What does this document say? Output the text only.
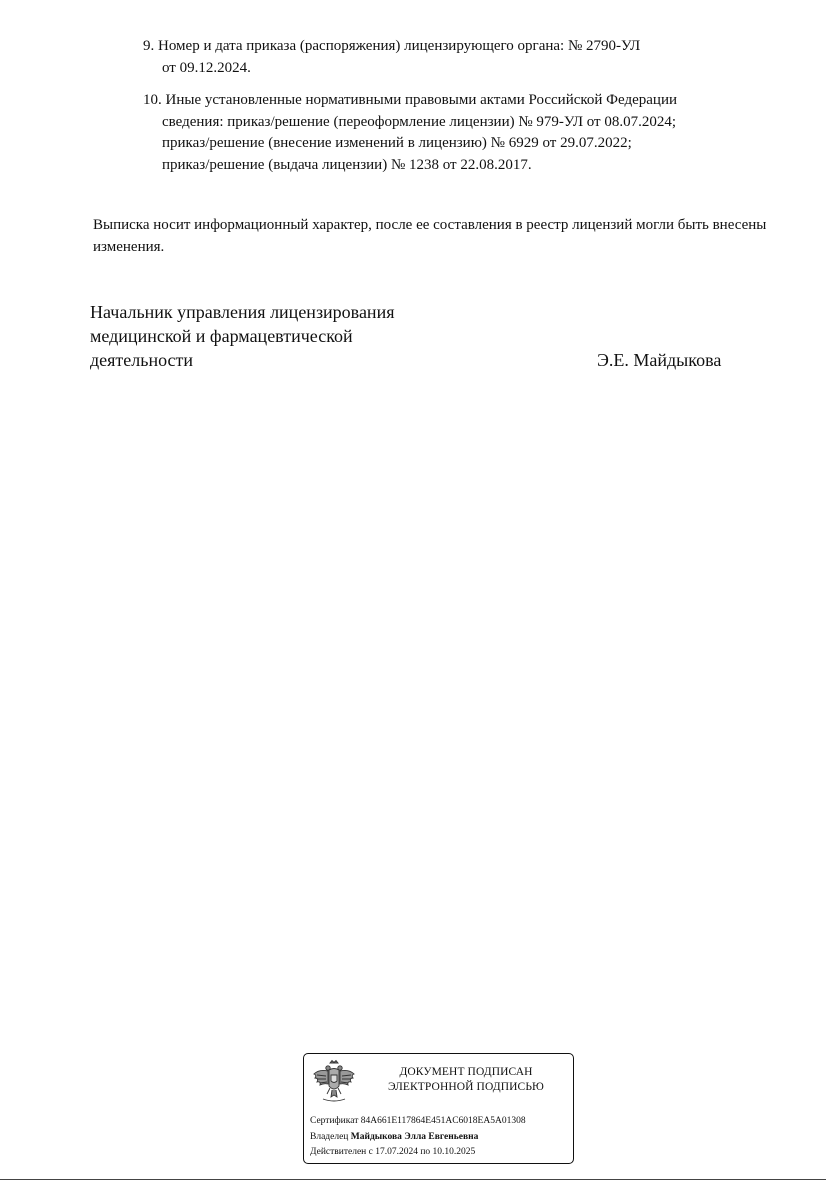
9. Номер и дата приказа (распоряжения) лицензирующего органа: № 2790-УЛ
от 09.12.2024.
10. Иные установленные нормативными правовыми актами Российской Федерации
сведения: приказ/решение (переоформление лицензии) № 979-УЛ от 08.07.2024;
приказ/решение (внесение изменений в лицензию) № 6929 от 29.07.2022;
приказ/решение (выдача лицензии) № 1238 от 22.08.2017.
Выписка носит информационный характер, после ее составления в реестр лицензий могли быть внесены изменения.
Начальник управления лицензирования
медицинской и фармацевтической
деятельности	Э.Е. Майдыкова
ДОКУМЕНТ ПОДПИСАН
ЭЛЕКТРОННОЙ ПОДПИСЬЮ
Сертификат 84A661E117864E451AC6018EA5A01308
Владелец Майдыкова Элла Евгеньевна
Действителен с 17.07.2024 по 10.10.2025
